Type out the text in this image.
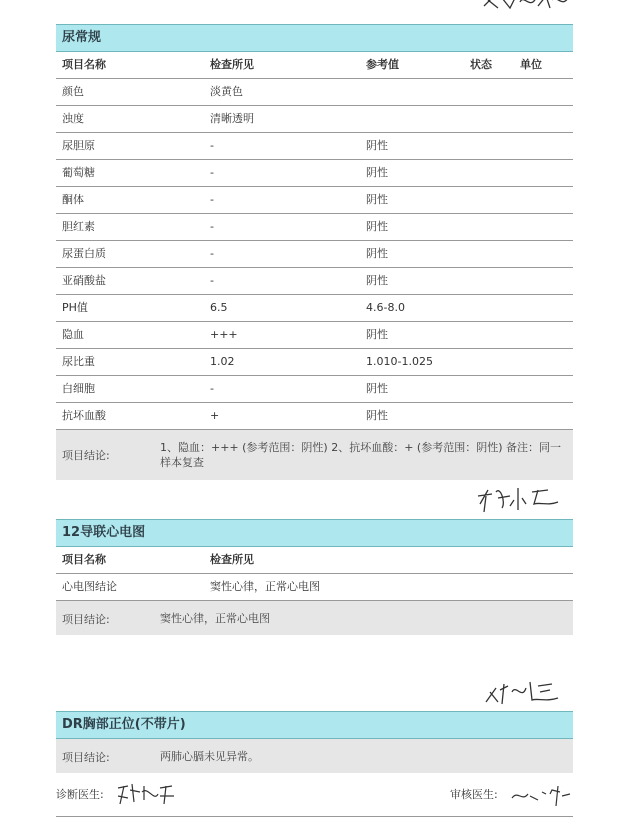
尿常规
项目名称	检查所见	参考值	状态	单位
颜色	淡黄色
浊度	清晰透明
尿胆原	-	阴性
葡萄糖	-	阴性
酮体	-	阴性
胆红素	-	阴性
尿蛋白质	-	阴性
亚硝酸盐	-	阴性
PH值	6.5	4.6-8.0
隐血	+++	阴性
尿比重	1.02	1.010-1.025
白细胞	-	阴性
抗坏血酸	+	阴性
项目结论:
1、隐血：+++ (参考范围：阴性) 2、抗坏血酸：+ (参考范围：阴性) 备注：同一样本复查
12导联心电图
项目名称	检查所见
心电图结论	窦性心律，正常心电图
项目结论:	窦性心律，正常心电图
DR胸部正位(不带片)
项目结论:	两肺心膈未见异常。
诊断医生:	审核医生:
